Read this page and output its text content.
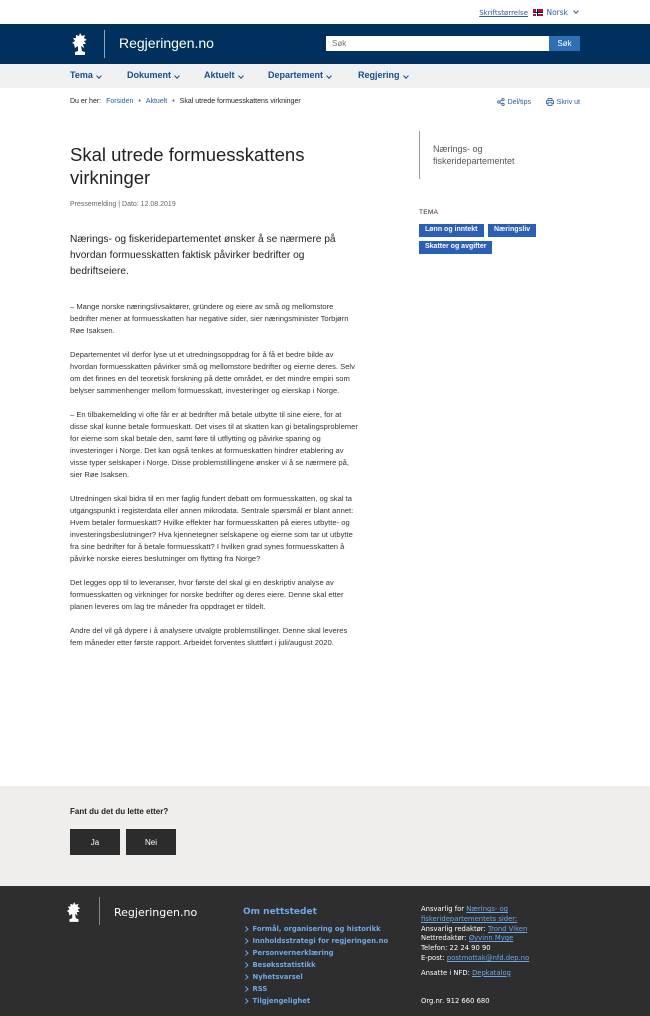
Skriftstørrelse Norsk
Regjeringen.no
Søk	Søk
Tema	Dokument	Aktuelt	Departement	Regjering
Du er her: Forsiden • Aktuelt • Skal utrede formuesskattens virkninger	Del/tips	Skriv ut
Skal utrede formuesskattens virkninger
Pressemelding | Dato: 12.08.2019

Nærings- og fiskeridepartementet ønsker å se nærmere på hvordan formuesskatten faktisk påvirker bedrifter og bedriftseiere.

– Mange norske næringslivsaktører, gründere og eiere av små og mellomstore bedrifter mener at formuesskatten har negative sider, sier næringsminister Torbjørn Røe Isaksen.

Departementet vil derfor lyse ut et utredningsoppdrag for å få et bedre bilde av hvordan formuesskatten påvirker små og mellomstore bedrifter og eierne deres. Selv om det finnes en del teoretisk forskning på dette området, er det mindre empiri som belyser sammenhenger mellom formuesskatt, investeringer og eierskap i Norge.

– En tilbakemelding vi ofte får er at bedrifter må betale utbytte til sine eiere, for at disse skal kunne betale formueskatt. Det vises til at skatten kan gi betalingsproblemer for eierne som skal betale den, samt føre til utflytting og påvirke sparing og investeringer i Norge. Det kan også tenkes at formueskatten hindrer etablering av visse typer selskaper i Norge. Disse problemstillingene ønsker vi å se nærmere på, sier Røe Isaksen.

Utredningen skal bidra til en mer faglig fundert debatt om formuesskatten, og skal ta utgangspunkt i registerdata eller annen mikrodata. Sentrale spørsmål er blant annet: Hvem betaler formueskatt? Hvilke effekter har formuesskatten på eieres utbytte- og investeringsbeslutninger? Hva kjennetegner selskapene og eierne som tar ut utbytte fra sine bedrifter for å betale formuesskatt? I hvilken grad synes formuesskatten å påvirke norske eieres beslutninger om flytting fra Norge?

Det legges opp til to leveranser, hvor første del skal gi en deskriptiv analyse av formuesskatten og virkninger for norske bedrifter og deres eiere. Denne skal etter planen leveres om lag tre måneder fra oppdraget er tildelt.

Andre del vil gå dypere i å analysere utvalgte problemstillinger. Denne skal leveres fem måneder etter første rapport. Arbeidet forventes sluttført i juli/august 2020.

Nærings- og fiskeridepartementet
TEMA
Lønn og inntekt	Næringsliv
Skatter og avgifter
Fant du det du lette etter?
Ja	Nei
Regjeringen.no	Om nettstedet
Formål, organisering og historikk
Innholdsstrategi for regjeringen.no
Personvernerklæring
Besøksstatistikk
Nyhetsvarsel
RSS
Tilgjengelighet
Ansvarlig for Nærings- og fiskeridepartementets sider:
Ansvarlig redaktør: Trond Viken
Nettredaktør: Øyvinn Myge
Telefon: 22 24 90 90
E-post: postmottak@nfd.dep.no
Ansatte i NFD: Depkatalog
Org.nr. 912 660 680
